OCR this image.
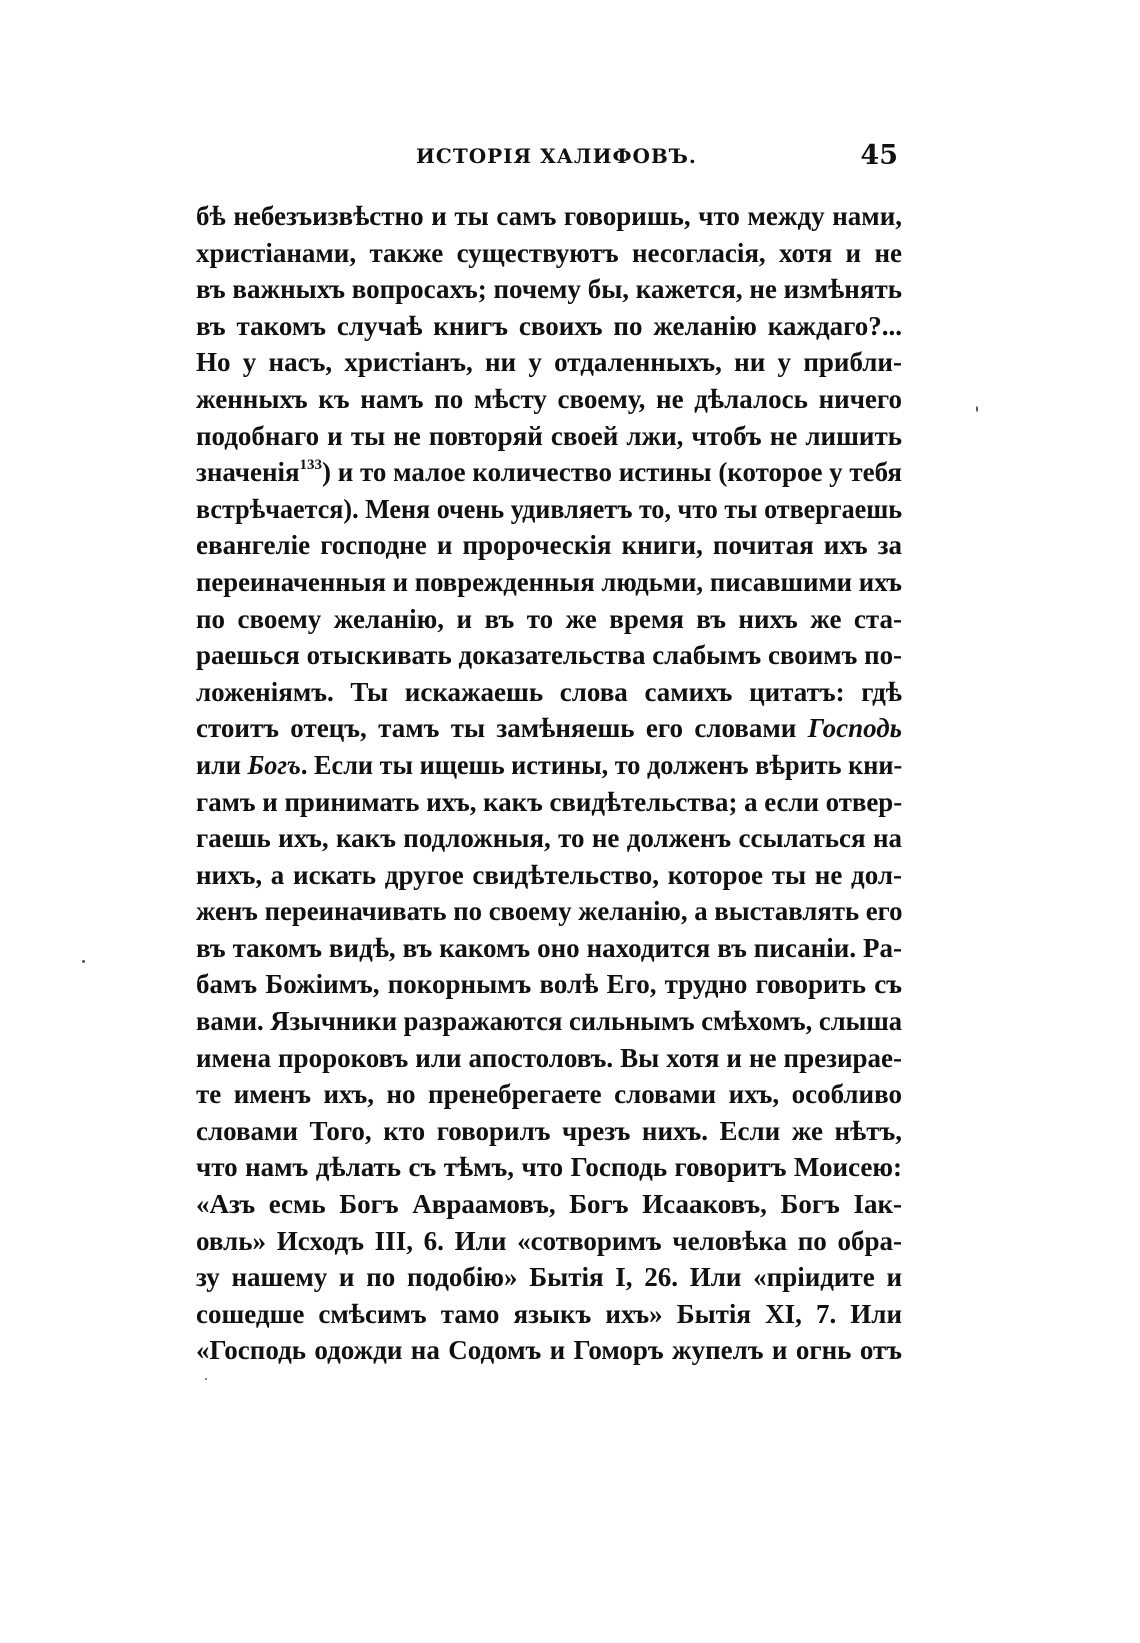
ИСТОРІЯ ХАЛИФОВЪ.	45
бѣ небезъизвѣстно и ты самъ говоришь, что между нами,
христіанами, также существуютъ несогласія, хотя и не
въ важныхъ вопросахъ; почему бы, кажется, не измѣнять
въ такомъ случаѣ книгъ своихъ по желанію каждаго?...
Но у насъ, христіанъ, ни у отдаленныхъ, ни у прибли-
женныхъ къ намъ по мѣсту своему, не дѣлалось ничего
подобнаго и ты не повторяй своей лжи, чтобъ не лишить
значенія$^{133}$) и то малое количество истины (которое у тебя
встрѣчается). Меня очень удивляетъ то, что ты отвергаешь
евангеліе господне и пророческія книги, почитая ихъ за
переиначенныя и поврежденныя людьми, писавшими ихъ
по своему желанію, и въ то же время въ нихъ же ста-
раешься отыскивать доказательства слабымъ своимъ по-
ложеніямъ. Ты искажаешь слова самихъ цитатъ: гдѣ
стоитъ отецъ, тамъ ты замѣняешь его словами Господь
или Богъ. Если ты ищешь истины, то долженъ вѣрить кни-
гамъ и принимать ихъ, какъ свидѣтельства; а если отвер-
гаешь ихъ, какъ подложныя, то не долженъ ссылаться на
нихъ, а искать другое свидѣтельство, которое ты не дол-
женъ переиначивать по своему желанію, а выставлять его
въ такомъ видѣ, въ какомъ оно находится въ писаніи. Ра-
бамъ Божіимъ, покорнымъ волѣ Его, трудно говорить съ
вами. Язычники разражаются сильнымъ смѣхомъ, слыша
имена пророковъ или апостоловъ. Вы хотя и не презирае-
те именъ ихъ, но пренебрегаете словами ихъ, особливо
словами Того, кто говорилъ чрезъ нихъ. Если же нѣтъ,
что намъ дѣлать съ тѣмъ, что Господь говоритъ Моисею:
«Азъ есмь Богъ Авраамовъ, Богъ Исааковъ, Богъ Іак-
овль» Исходъ III, 6. Или «сотворимъ человѣка по обра-
зу нашему и по подобію» Бытія I, 26. Или «пріидите и
сошедше смѣсимъ тамо языкъ ихъ» Бытія XI, 7. Или
«Господь одожди на Содомъ и Гоморъ жупелъ и огнь отъ
